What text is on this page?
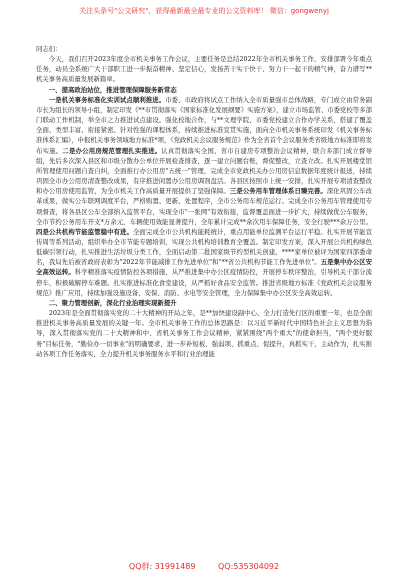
关注头条号"公文研究"，获得最新最全最专业的公文资料库！ 微信：gongwenyj

同志们：

今天，我们召开2023年度全市机关事务工作会议，主要任务是总结2022年全市机关事务工作，安排部署今年重点任务，动员全系统广大干部职工进一步振奋精神、坚定信心，发扬苦干实干快干、努力干一起干的精气神，奋力谱写**机关事务高质量发展新篇章。

一、提高政治站位，推进管理保障服务新常态

一是机关事务标准化实训试点顺利推进。市委、市政府将试点工作纳入全市质量强市总体战略，专门成立由常务副市长为组长的领导小组，制定印发《**市贯彻落实《国家标准化发展纲要》实施方案》，建立市场监管、市委党校等多部门联动工作机制，举全市之力推进试点建设。强化校地合作，与**文理学院、市委党校建立合作办学关系，搭建了覆盖全面、类型丰富、衔接紧密、针对性强的课程体系，持续推进标准宣贯实施，面向全市机关事务系统印发《机关事务标准体系汇编》，申报机关事务领域地方标准*项，《党政机关会议服务规范》作为全省首个会议服务类省级地方标准即将发布实施。二是办公用房规范管理扎实推进。认真贯彻落实全国、省市自建房专项整治会议精神，联合多部门成立督导组，先后多次深入县区和市级分散办公单位开展检查排查，逐一建立问题台账，督促整改，立查立改。扎实开展楼堂馆所管理使用问题自查自纠，全面推行办公用房"五统一"管理，完成全市党政机关办公用房信息数据年度统计报送，持续巩固全市办公用房清查整改成果，有序推进闲置办公用房调剂盘活。各县区按照市上统一安排，扎实开展专项清查整改和办公用房使用监管，为全市机关工作高质量开展提供了坚强保障。三是公务用车管理体系日臻完善。深化巩固公车改革成果，做实公车联网调度平台，严格购置、更新、处置程序，全市公务用车规范运行。完成全市公务用车管理使用专项督查，将各县区公车全部纳入监管平台，实现全市"一张网"有效衔接，监督覆盖面进一步扩大，持续做优公车服务，全市节约公务用车开支*万余元，车辆使用效能显著提升，全年累计完成**余次用车保障任务，安全行驶***余万公里。四是公共机构节能监管稳中有进。全面完成全市公共机构能耗统计，重点用能单位监测平台运行平稳。扎实开展节能宣传周等系列活动，组织举办全市节能专题培训，实现公共机构培训教育全覆盖。制定印发方案，深入开展公共机构绿色低碳引领行动，扎实推进生活垃圾分类工作，全面启动第二批国家级节约型机关创建，****家单位被评为国家四部委命名，我局先后被省政府表彰为"2022年节能减排工作先进单位"和"**省公共机构节能工作先进单位"。五是集中办公区安全高效运转。科学精准落实疫情防控各项措施，从严推进集中办公区疫情防控，开展停车秩序整治，引导机关干部分流停车，积极破解停车难题。扎实推进标准化食堂建设，从严抓好食品安全监管。推进省级地方标准《党政机关会议服务规范》推广应用，持续加强设施设备、安保、消防、水电等安全管理，全力保障集中办公区安全高效运转。

二、聚力管理创新，深化行业治理实现新提升

2023年是全面贯彻落实党的二十大精神的开局之年，是**加快建设副中心、全力打造先行区的重要一年，也是全面推进机关事务高质量发展的关键一年。全市机关事务工作的总体思路是：以习近平新时代中国特色社会主义思想为指导，深入贯彻落实党的二十大精神和中、省机关事务工作会议精神，紧紧围绕"两个重大"的使命担当，"两个更好服务"目标任务，"勤俭办一切事业"的明确要求，进一步补短板、强弱项、抓重点、促提升，真抓实干，主动作为，扎实推动各项工作任务落实，全力提升机关事务服务水平和行业治理能

QQ群: 31991489	QQ:535304092
